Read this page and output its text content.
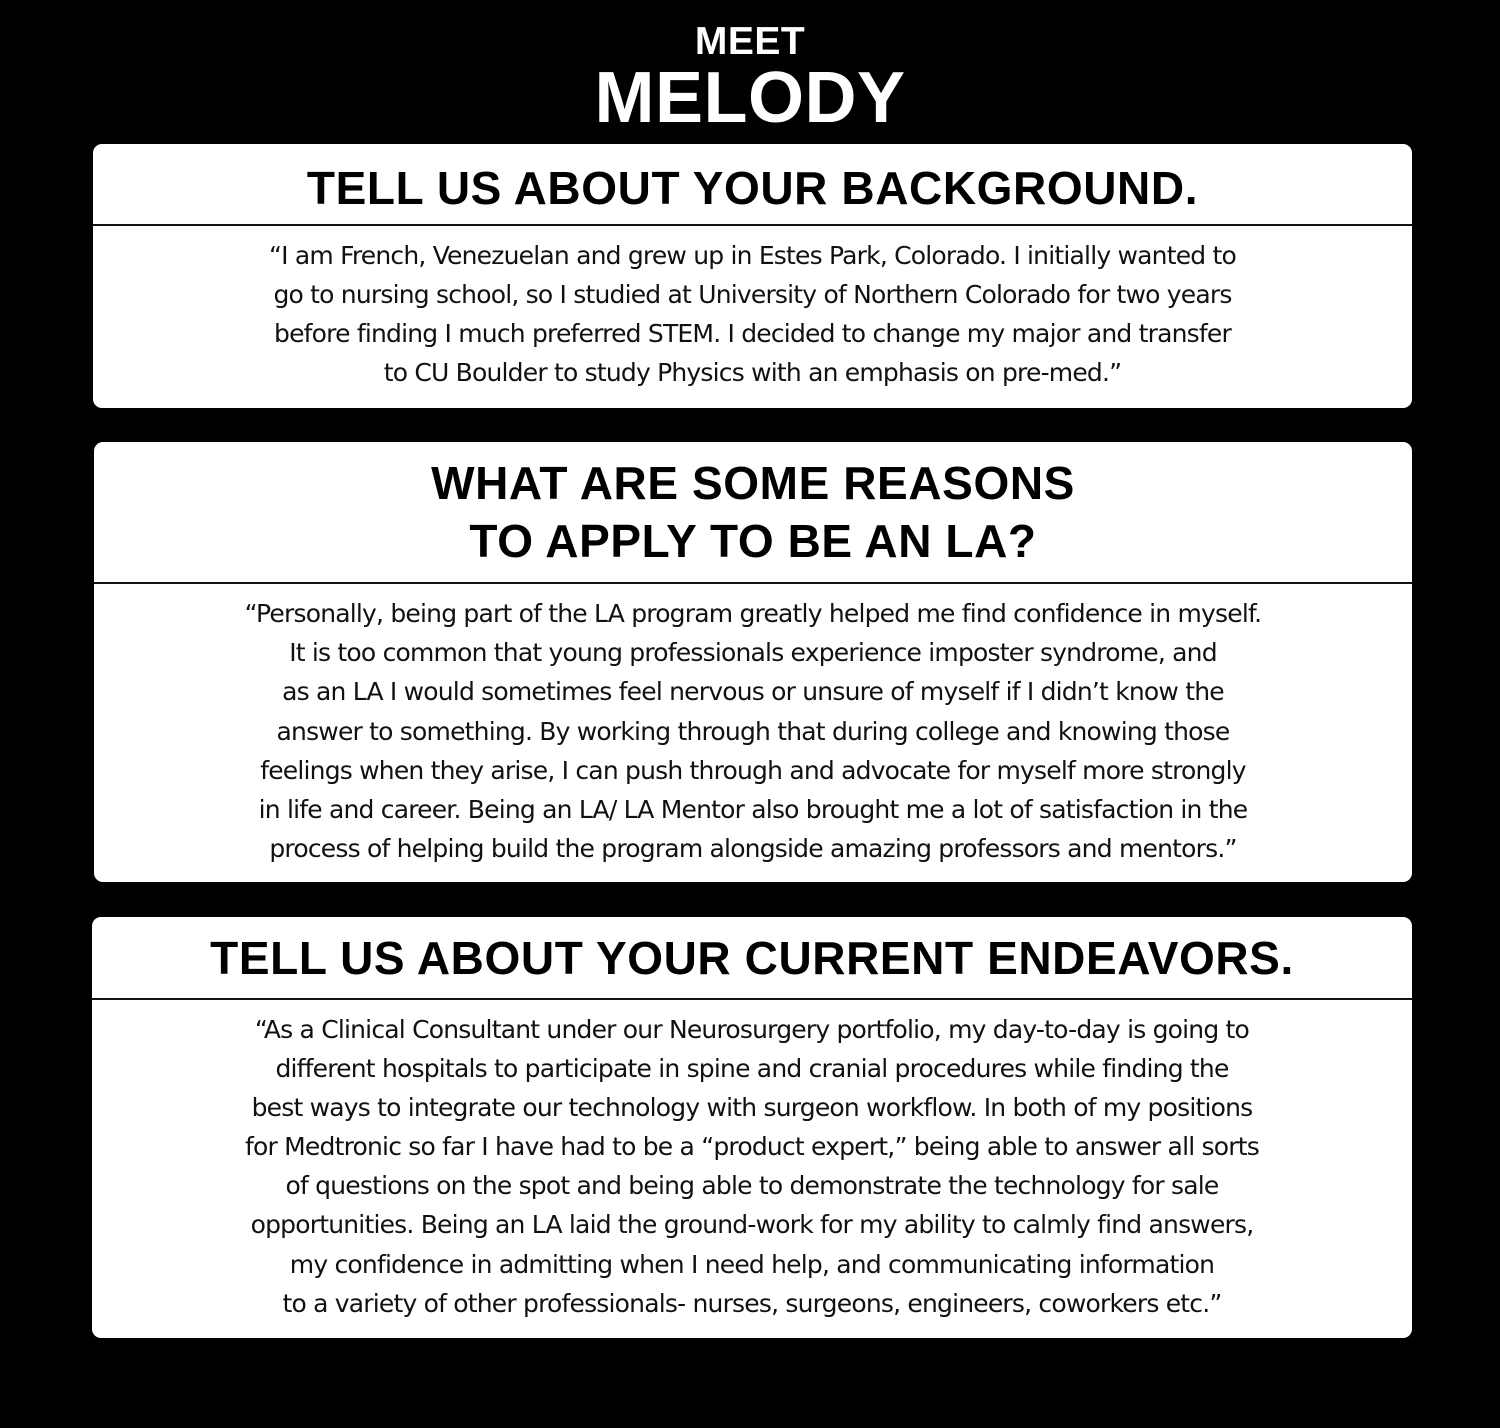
MEET
MELODY
TELL US ABOUT YOUR BACKGROUND.
“I am French, Venezuelan and grew up in Estes Park, Colorado. I initially wanted to
go to nursing school, so I studied at University of Northern Colorado for two years
before finding I much preferred STEM. I decided to change my major and transfer
to CU Boulder to study Physics with an emphasis on pre-med.”
WHAT ARE SOME REASONS
TO APPLY TO BE AN LA?
“Personally, being part of the LA program greatly helped me find confidence in myself.
It is too common that young professionals experience imposter syndrome, and
as an LA I would sometimes feel nervous or unsure of myself if I didn’t know the
answer to something. By working through that during college and knowing those
feelings when they arise, I can push through and advocate for myself more strongly
in life and career. Being an LA/ LA Mentor also brought me a lot of satisfaction in the
process of helping build the program alongside amazing professors and mentors.”
TELL US ABOUT YOUR CURRENT ENDEAVORS.
“As a Clinical Consultant under our Neurosurgery portfolio, my day-to-day is going to
different hospitals to participate in spine and cranial procedures while finding the
best ways to integrate our technology with surgeon workflow. In both of my positions
for Medtronic so far I have had to be a “product expert,” being able to answer all sorts
of questions on the spot and being able to demonstrate the technology for sale
opportunities. Being an LA laid the ground-work for my ability to calmly find answers,
my confidence in admitting when I need help, and communicating information
to a variety of other professionals- nurses, surgeons, engineers, coworkers etc.”
